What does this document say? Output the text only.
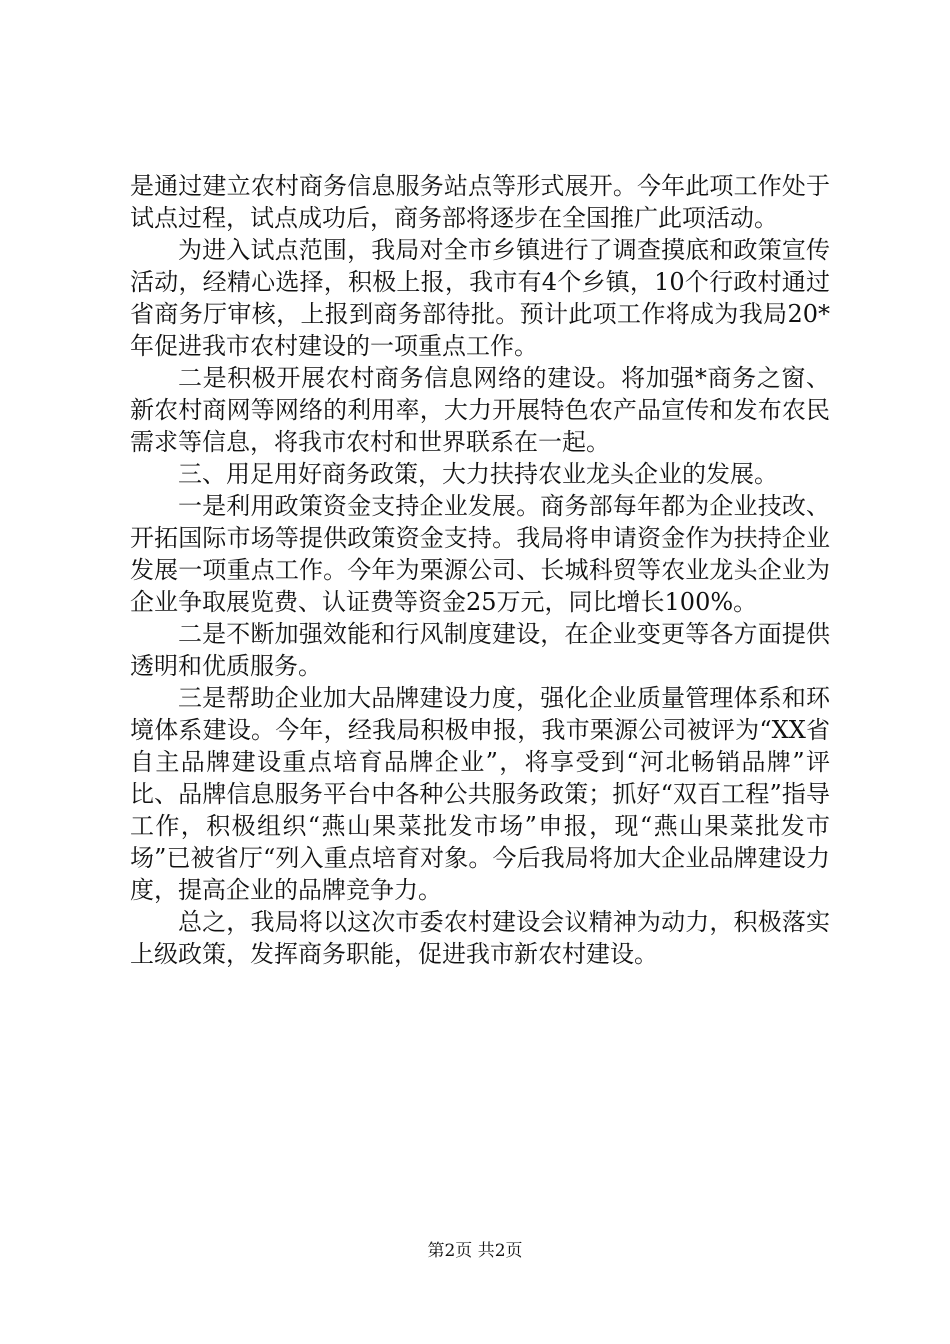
是通过建立农村商务信息服务站点等形式展开。今年此项工作处于试点过程，试点成功后，商务部将逐步在全国推广此项活动。

为进入试点范围，我局对全市乡镇进行了调查摸底和政策宣传活动，经精心选择，积极上报，我市有4个乡镇，10个行政村通过省商务厅审核，上报到商务部待批。预计此项工作将成为我局20*年促进我市农村建设的一项重点工作。

二是积极开展农村商务信息网络的建设。将加强*商务之窗、新农村商网等网络的利用率，大力开展特色农产品宣传和发布农民需求等信息，将我市农村和世界联系在一起。

三、用足用好商务政策，大力扶持农业龙头企业的发展。

一是利用政策资金支持企业发展。商务部每年都为企业技改、开拓国际市场等提供政策资金支持。我局将申请资金作为扶持企业发展一项重点工作。今年为栗源公司、长城科贸等农业龙头企业为企业争取展览费、认证费等资金25万元，同比增长100%。

二是不断加强效能和行风制度建设，在企业变更等各方面提供透明和优质服务。

三是帮助企业加大品牌建设力度，强化企业质量管理体系和环境体系建设。今年，经我局积极申报，我市栗源公司被评为“XX省自主品牌建设重点培育品牌企业”，将享受到“河北畅销品牌”评比、品牌信息服务平台中各种公共服务政策；抓好“双百工程”指导工作，积极组织“燕山果菜批发市场”申报，现“燕山果菜批发市场”已被省厅“列入重点培育对象。今后我局将加大企业品牌建设力度，提高企业的品牌竞争力。

总之，我局将以这次市委农村建设会议精神为动力，积极落实上级政策，发挥商务职能，促进我市新农村建设。

第2页 共2页
